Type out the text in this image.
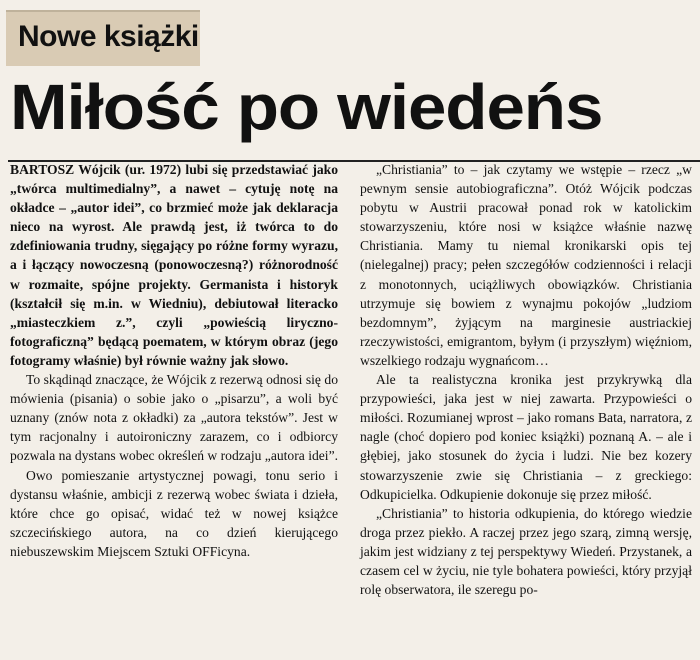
Nowe książki
Miłość po wiedeńs

BARTOSZ Wójcik (ur. 1972) lubi się przedstawiać jako „twórca multimedialny”, a nawet – cytuję notę na okładce – „autor idei”, co brzmieć może jak deklaracja nieco na wyrost. Ale prawdą jest, iż twórca to do zdefiniowania trudny, sięgający po różne formy wyrazu, a i łączący nowoczesną (ponowoczesną?) różnorodność w rozmaite, spójne projekty. Germanista i historyk (kształcił się m.in. w Wiedniu), debiutował literacko „miasteczkiem z.”, czyli „powieścią liryczno-fotograficzną” będącą poematem, w którym obraz (jego fotogramy właśnie) był równie ważny jak słowo.

To skądinąd znaczące, że Wójcik z rezerwą odnosi się do mówienia (pisania) o sobie jako o „pisarzu”, a woli być uznany (znów nota z okładki) za „autora tekstów”. Jest w tym racjonalny i autoironiczny zarazem, co i odbiorcy pozwala na dystans wobec określeń w rodzaju „autora idei”.

Owo pomieszanie artystycznej powagi, tonu serio i dystansu właśnie, ambicji z rezerwą wobec świata i dzieła, które chce go opisać, widać też w nowej książce szczecińskiego autora, na co dzień kierującego niebuszewskim Miejscem Sztuki OFFicyna.

„Christiania” to – jak czytamy we wstępie – rzecz „w pewnym sensie autobiograficzna”. Otóż Wójcik podczas pobytu w Austrii pracował ponad rok w katolickim stowarzyszeniu, które nosi w książce właśnie nazwę Christiania. Mamy tu niemal kronikarski opis tej (nielegalnej) pracy; pełen szczegółów codzienności i relacji z monotonnych, uciążliwych obowiązków. Christiania utrzymuje się bowiem z wynajmu pokojów „ludziom bezdomnym”, żyjącym na marginesie austriackiej rzeczywistości, emigrantom, byłym (i przyszłym) więźniom, wszelkiego rodzaju wygnańcom…

Ale ta realistyczna kronika jest przykrywką dla przypowieści, jaka jest w niej zawarta. Przypowieści o miłości. Rozumianej wprost – jako romans Bata, narratora, z nagle (choć dopiero pod koniec książki) poznaną A. – ale i głębiej, jako stosunek do życia i ludzi. Nie bez kozery stowarzyszenie zwie się Christiania – z greckiego: Odkupicielka. Odkupienie dokonuje się przez miłość.

„Christiania” to historia odkupienia, do którego wiedzie droga przez piekło. A raczej przez jego szarą, zimną wersję, jakim jest widziany z tej perspektywy Wiedeń. Przystanek, a czasem cel w życiu, nie tyle bohatera powieści, który przyjął rolę obserwatora, ile szeregu po-
